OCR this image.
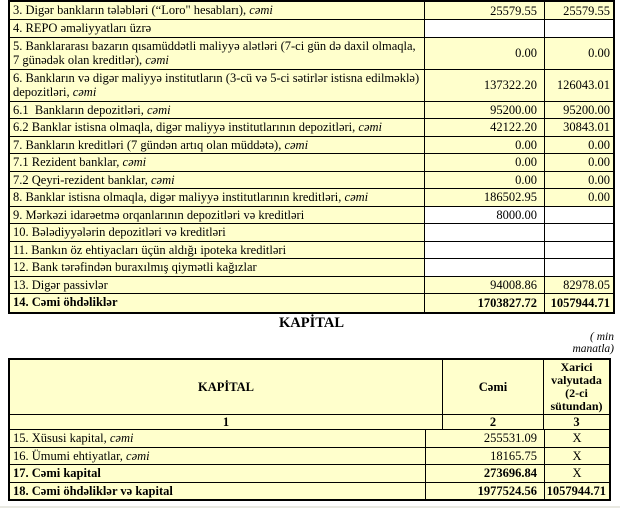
3. Digər bankların tələbləri (“Loro" hesabları), cəmi	25579.55	25579.55
4. REPO əməliyyatları üzrə
5. Banklararası bazarın qısamüddətli maliyyə alətləri (7-ci gün də daxil olmaqla, 7 günədək olan kreditlər), cəmi	0.00	0.00
6. Bankların və digər maliyyə institutların (3-cü və 5-ci sətirlər istisna edilməklə) depozitləri, cəmi	137322.20	126043.01
6.1  Bankların depozitləri, cəmi	95200.00	95200.00
6.2 Banklar istisna olmaqla, digər maliyyə institutlarının depozitləri, cəmi	42122.20	30843.01
7. Bankların kreditləri (7 gündən artıq olan müddətə), cəmi	0.00	0.00
7.1 Rezident banklar, cəmi	0.00	0.00
7.2 Qeyri-rezident banklar, cəmi	0.00	0.00
8. Banklar istisna olmaqla, digər maliyyə institutlarının kreditləri, cəmi	186502.95	0.00
9. Mərkəzi idarəetmə orqanlarının depozitləri və kreditləri	8000.00
10. Bələdiyyələrin depozitləri və kreditləri
11. Bankın öz ehtiyacları üçün aldığı ipoteka kreditləri
12. Bank tərəfindən buraxılmış qiymətli kağızlar
13. Digər passivlər	94008.86	82978.05
14. Cəmi öhdəliklər	1703827.72	1057944.71
KAPİTAL
( min
manatla)
KAPİTAL	Cəmi
Xarici valyutada (2-ci sütundan)
1	2	3
15. Xüsusi kapital, cəmi	255531.09	X
16. Ümumi ehtiyatlar, cəmi	18165.75	X
17. Cəmi kapital	273696.84	X
18. Cəmi öhdəliklər və kapital	1977524.56 1057944.71
